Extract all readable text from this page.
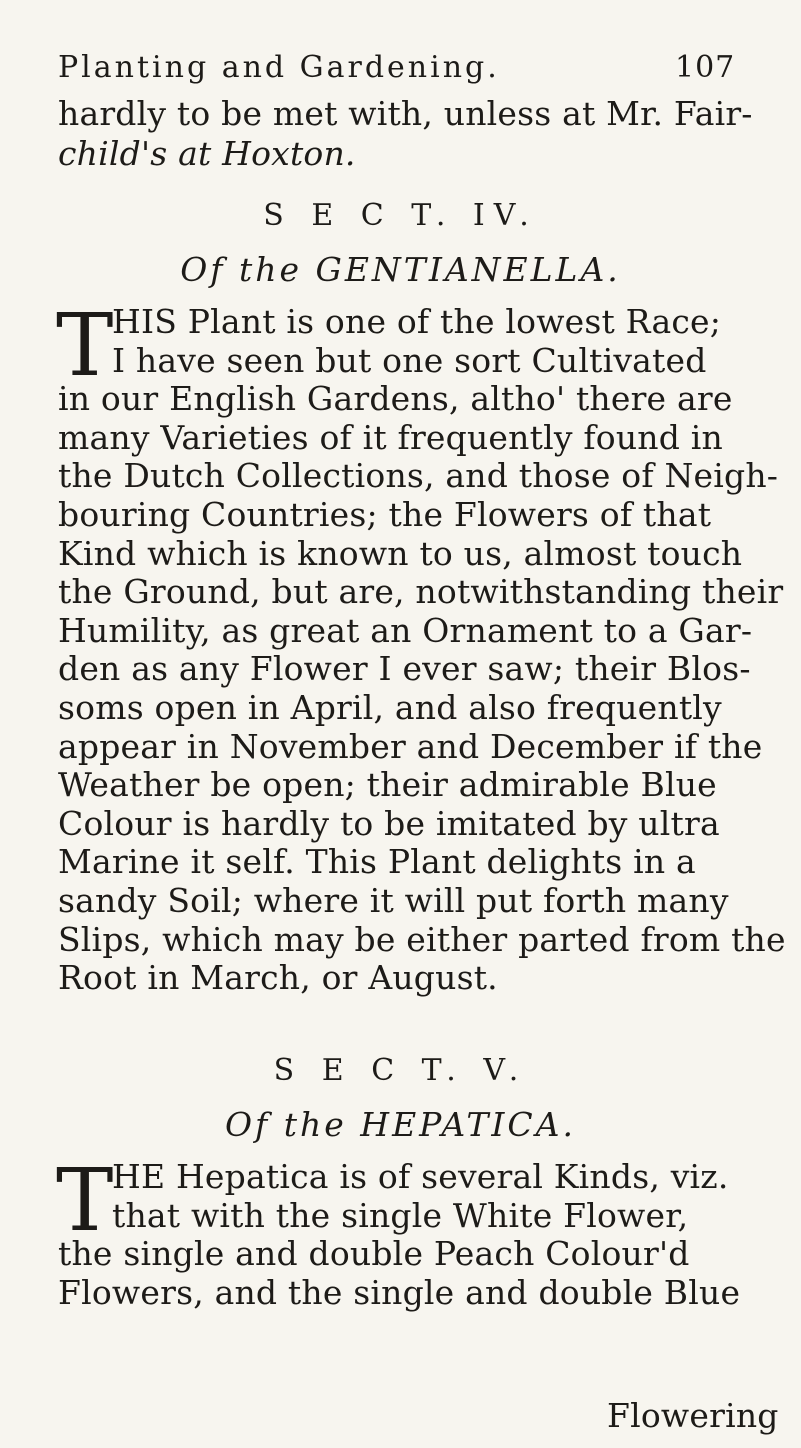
Planting and Gardening.	107
hardly to be met with, unless at Mr. Fair-
child's at Hoxton.
S E C T. IV.
Of the GENTIANELLA.
T
HIS Plant is one of the lowest Race;
I have seen but one sort Cultivated
in our English Gardens, altho' there are
many Varieties of it frequently found in
the Dutch Collections, and those of Neigh-
bouring Countries; the Flowers of that
Kind which is known to us, almost touch
the Ground, but are, notwithstanding their
Humility, as great an Ornament to a Gar-
den as any Flower I ever saw; their Blos-
soms open in April, and also frequently
appear in November and December if the
Weather be open; their admirable Blue
Colour is hardly to be imitated by ultra
Marine it self. This Plant delights in a
sandy Soil; where it will put forth many
Slips, which may be either parted from the
Root in March, or August.
S E C T. V.
Of the HEPATICA.
T
HE Hepatica is of several Kinds, viz.
that with the single White Flower,
the single and double Peach Colour'd
Flowers, and the single and double Blue
Flowering
